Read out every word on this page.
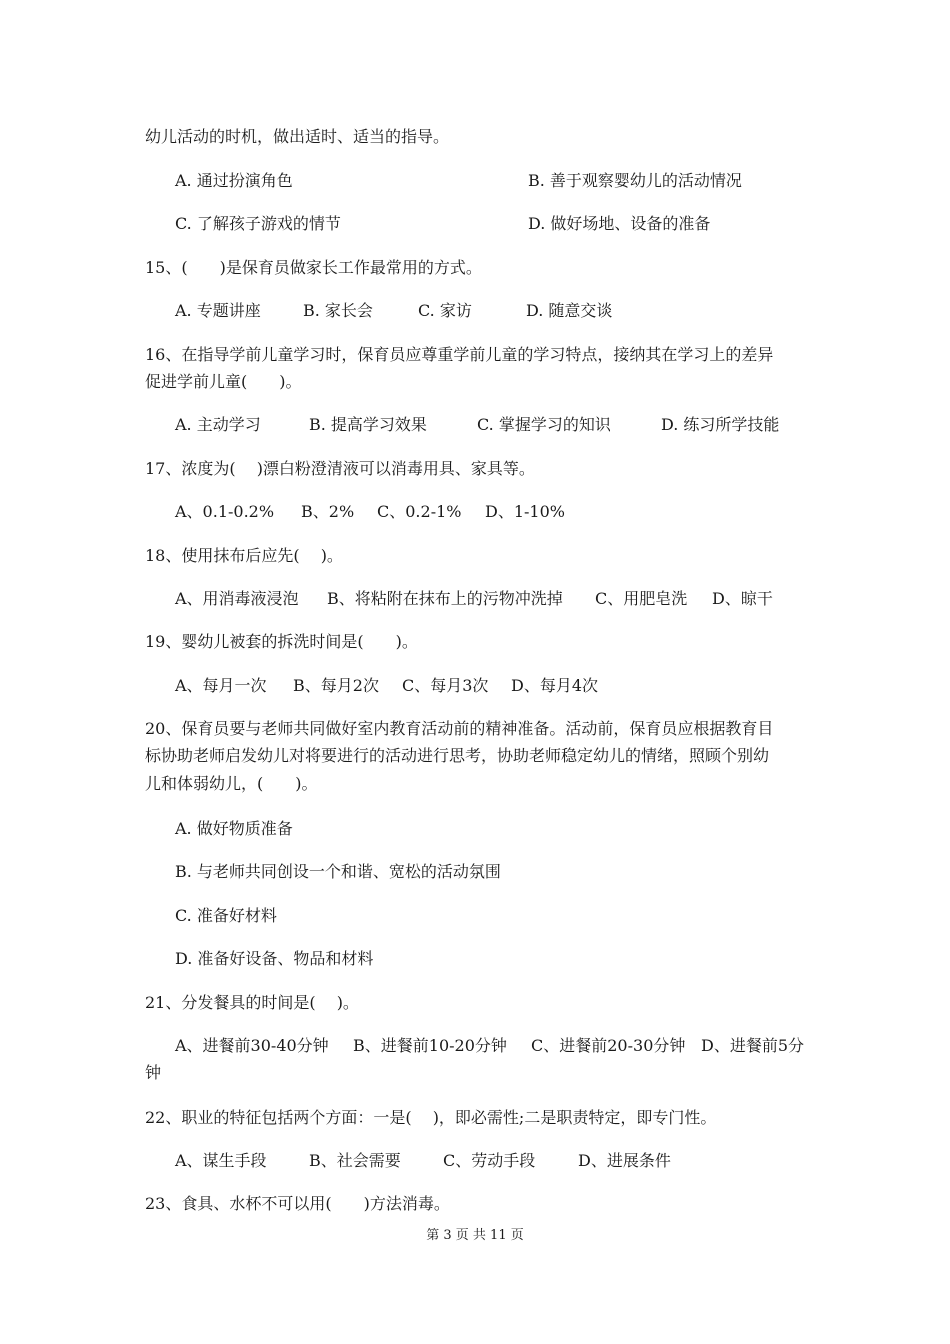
幼儿活动的时机，做出适时、适当的指导。
A. 通过扮演角色	B. 善于观察婴幼儿的活动情况
C. 了解孩子游戏的情节	D. 做好场地、设备的准备
15、(　　)是保育员做家长工作最常用的方式。
A. 专题讲座	B. 家长会	C. 家访	D. 随意交谈
16、在指导学前儿童学习时，保育员应尊重学前儿童的学习特点，接纳其在学习上的差异
促进学前儿童(　　)。
A. 主动学习	B. 提高学习效果	C. 掌握学习的知识	D. 练习所学技能
17、浓度为(　 )漂白粉澄清液可以消毒用具、家具等。
A、0.1-0.2% B、2% C、0.2-1% D、1-10%
18、使用抹布后应先(　 )。
A、用消毒液浸泡 B、将粘附在抹布上的污物冲洗掉 C、用肥皂洗 D、晾干
19、婴幼儿被套的拆洗时间是(　　)。
A、每月一次 B、每月2次 C、每月3次 D、每月4次
20、保育员要与老师共同做好室内教育活动前的精神准备。活动前，保育员应根据教育目
标协助老师启发幼儿对将要进行的活动进行思考，协助老师稳定幼儿的情绪，照顾个别幼
儿和体弱幼儿，(　　)。
A. 做好物质准备
B. 与老师共同创设一个和谐、宽松的活动氛围
C. 准备好材料
D. 准备好设备、物品和材料
21、分发餐具的时间是(　 )。
A、进餐前30-40分钟 B、进餐前10-20分钟 C、进餐前20-30分钟 D、进餐前5分
钟
22、职业的特征包括两个方面：一是(　 )，即必需性;二是职责特定，即专门性。
A、谋生手段	B、社会需要	C、劳动手段	D、进展条件
23、食具、水杯不可以用(　　)方法消毒。
第 3 页 共 11 页
